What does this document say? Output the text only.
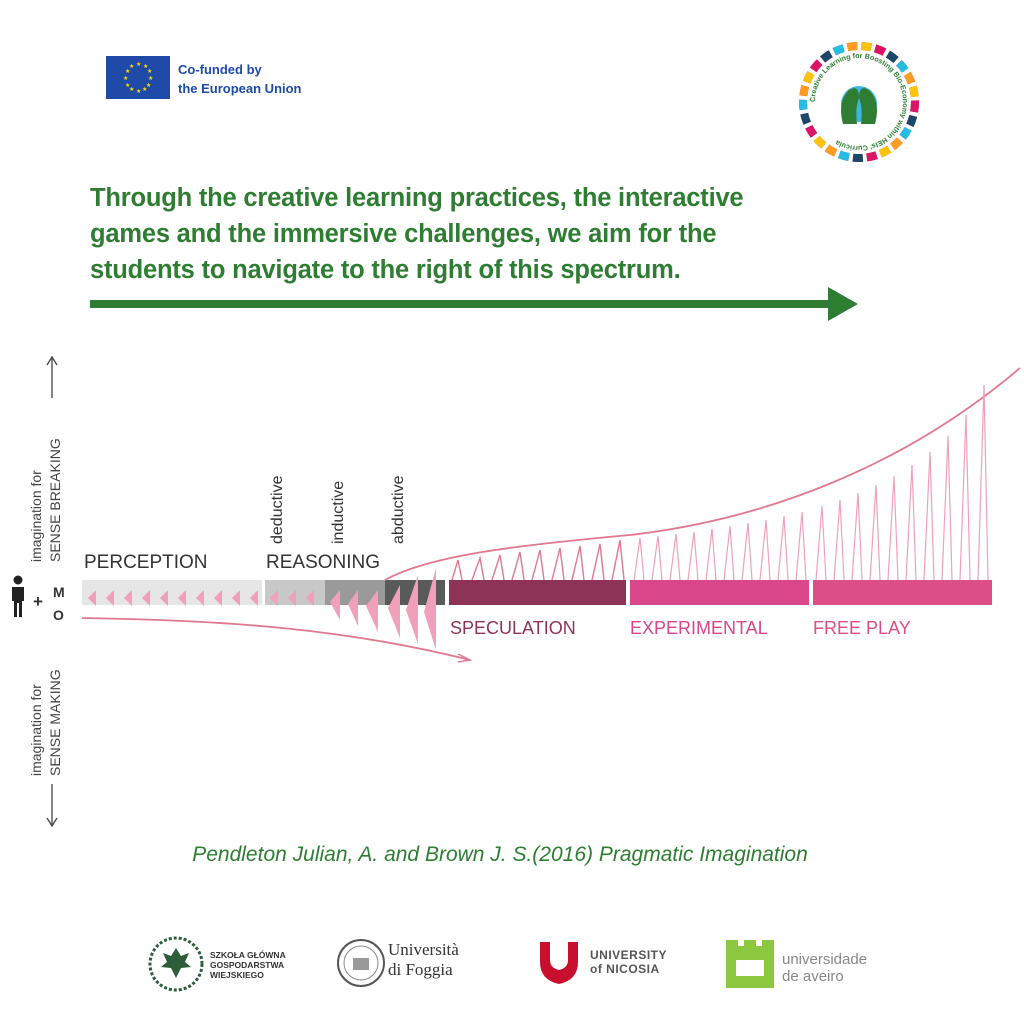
★ ★
★
★
★
★
★
★
★
★
★
★	Co-funded by
the European Union
Creative Learning for Boosting Bio-Economy within HEIs' Curricula
Through the creative learning practices, the interactive
games and the immersive challenges, we aim for the
students to navigate to the right of this spectrum.
imagination for SENSE BREAKING
imagination for SENSE MAKING
+ M
O
PERCEPTION	REASONING
SPECULATION	EXPERIMENTAL	FREE PLAY
deductive	inductive	abductive
Pendleton Julian, A. and Brown J. S.(2016) Pragmatic Imagination
SZKOŁA GŁÓWNA
GOSPODARSTWA
WIEJSKIEGO
Università
di Foggia
UNIVERSITY
of NICOSIA
universidade
de aveiro
